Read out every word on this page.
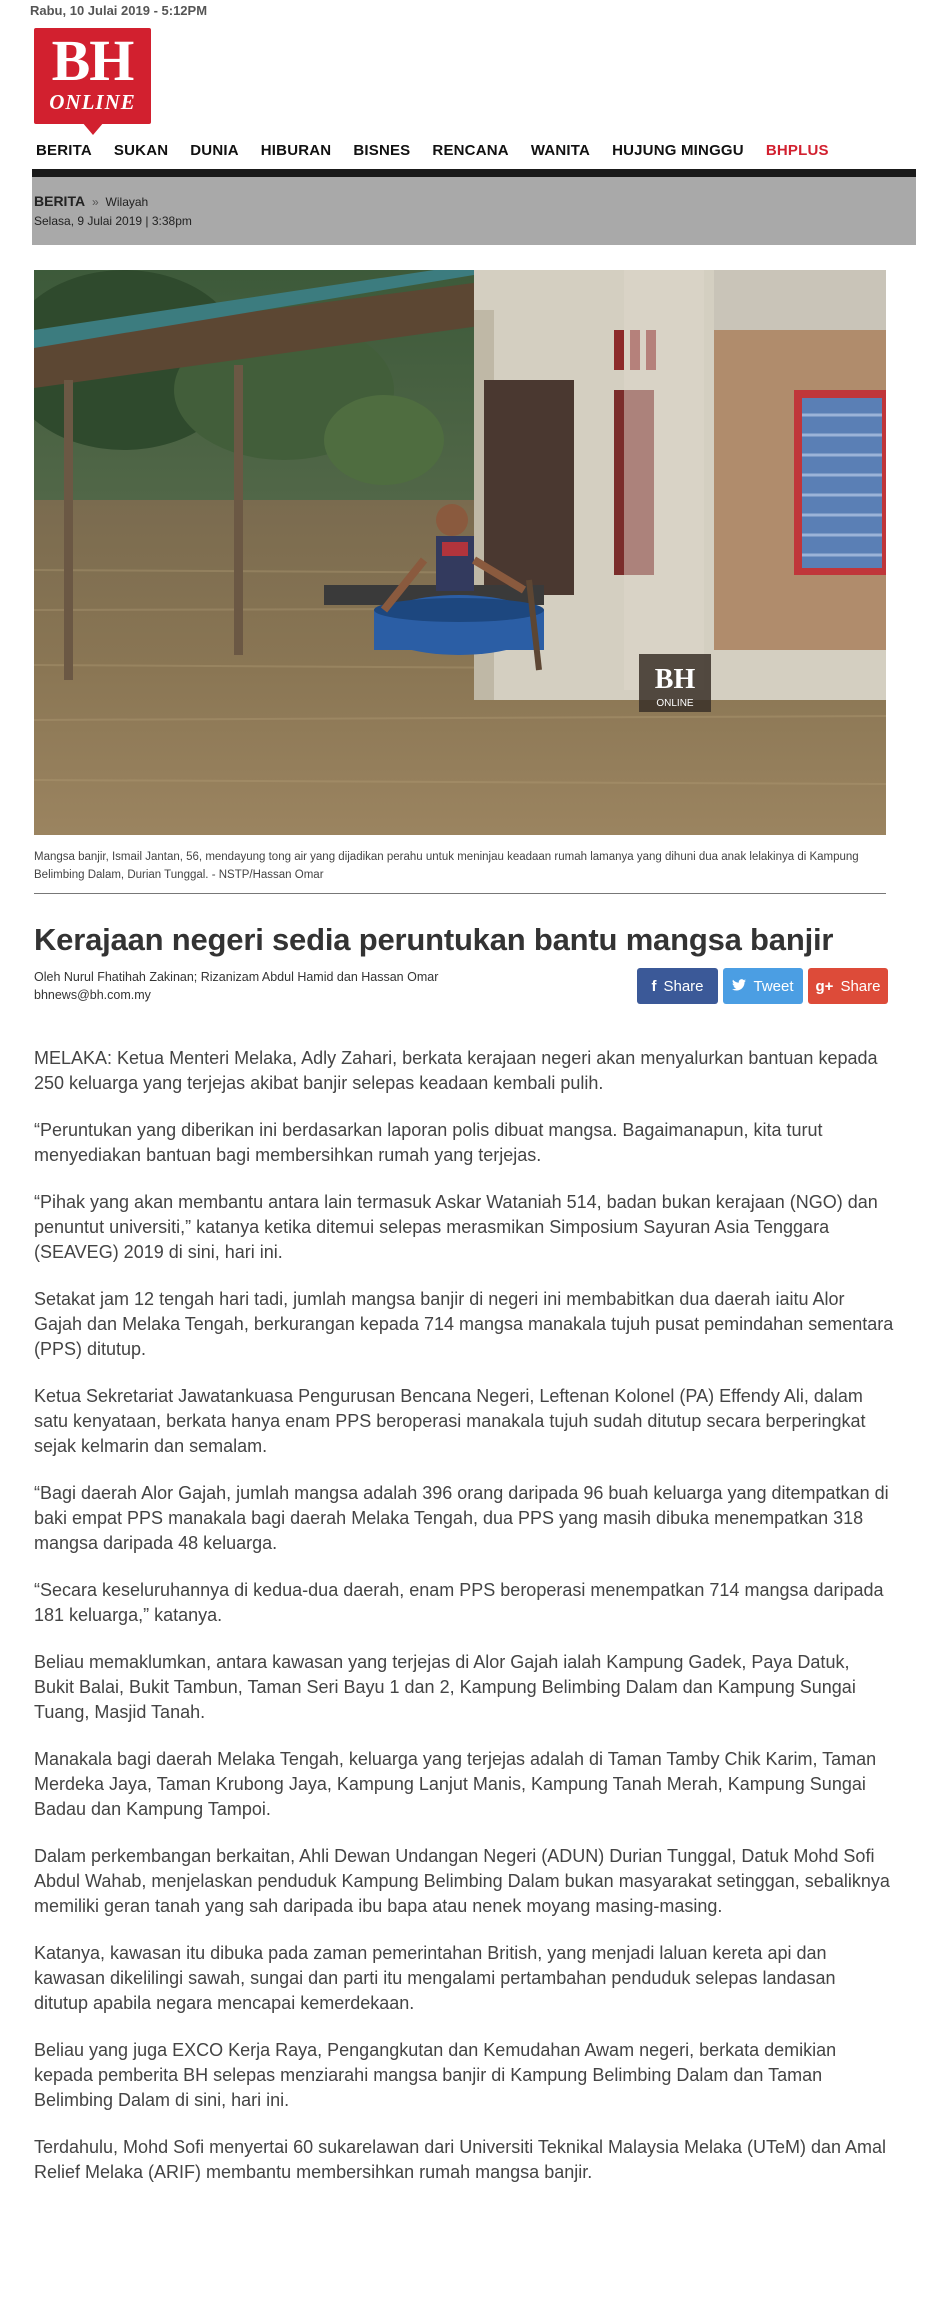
Rabu, 10 Julai 2019 - 5:12PM
BH
ONLINE
BERITA SUKAN DUNIA HIBURAN BISNES RENCANA WANITA HUJUNG MINGGU BHPLUS
BERITA » Wilayah
Selasa, 9 Julai 2019 | 3:38pm
BH
ONLINE
Mangsa banjir, Ismail Jantan, 56, mendayung tong air yang dijadikan perahu untuk meninjau keadaan rumah lamanya yang dihuni dua anak lelakinya di Kampung Belimbing Dalam, Durian Tunggal. - NSTP/Hassan Omar
Kerajaan negeri sedia peruntukan bantu mangsa banjir
Oleh Nurul Fhatihah Zakinan; Rizanizam Abdul Hamid dan Hassan Omar
bhnews@bh.com.my
f Share	Tweet g+ Share

MELAKA: Ketua Menteri Melaka, Adly Zahari, berkata kerajaan negeri akan menyalurkan bantuan kepada 250 keluarga yang terjejas akibat banjir selepas keadaan kembali pulih.

“Peruntukan yang diberikan ini berdasarkan laporan polis dibuat mangsa. Bagaimanapun, kita turut menyediakan bantuan bagi membersihkan rumah yang terjejas.

“Pihak yang akan membantu antara lain termasuk Askar Wataniah 514, badan bukan kerajaan (NGO) dan penuntut universiti,” katanya ketika ditemui selepas merasmikan Simposium Sayuran Asia Tenggara (SEAVEG) 2019 di sini, hari ini.

Setakat jam 12 tengah hari tadi, jumlah mangsa banjir di negeri ini membabitkan dua daerah iaitu Alor Gajah dan Melaka Tengah, berkurangan kepada 714 mangsa manakala tujuh pusat pemindahan sementara (PPS) ditutup.

Ketua Sekretariat Jawatankuasa Pengurusan Bencana Negeri, Leftenan Kolonel (PA) Effendy Ali, dalam satu kenyataan, berkata hanya enam PPS beroperasi manakala tujuh sudah ditutup secara berperingkat sejak kelmarin dan semalam.

“Bagi daerah Alor Gajah, jumlah mangsa adalah 396 orang daripada 96 buah keluarga yang ditempatkan di baki empat PPS manakala bagi daerah Melaka Tengah, dua PPS yang masih dibuka menempatkan 318 mangsa daripada 48 keluarga.

“Secara keseluruhannya di kedua-dua daerah, enam PPS beroperasi menempatkan 714 mangsa daripada 181 keluarga,” katanya.

Beliau memaklumkan, antara kawasan yang terjejas di Alor Gajah ialah Kampung Gadek, Paya Datuk, Bukit Balai, Bukit Tambun, Taman Seri Bayu 1 dan 2, Kampung Belimbing Dalam dan Kampung Sungai Tuang, Masjid Tanah.

Manakala bagi daerah Melaka Tengah, keluarga yang terjejas adalah di Taman Tamby Chik Karim, Taman Merdeka Jaya, Taman Krubong Jaya, Kampung Lanjut Manis, Kampung Tanah Merah, Kampung Sungai Badau dan Kampung Tampoi.

Dalam perkembangan berkaitan, Ahli Dewan Undangan Negeri (ADUN) Durian Tunggal, Datuk Mohd Sofi Abdul Wahab, menjelaskan penduduk Kampung Belimbing Dalam bukan masyarakat setinggan, sebaliknya memiliki geran tanah yang sah daripada ibu bapa atau nenek moyang masing-masing.

Katanya, kawasan itu dibuka pada zaman pemerintahan British, yang menjadi laluan kereta api dan kawasan dikelilingi sawah, sungai dan parti itu mengalami pertambahan penduduk selepas landasan ditutup apabila negara mencapai kemerdekaan.

Beliau yang juga EXCO Kerja Raya, Pengangkutan dan Kemudahan Awam negeri, berkata demikian kepada pemberita BH selepas menziarahi mangsa banjir di Kampung Belimbing Dalam dan Taman Belimbing Dalam di sini, hari ini.

Terdahulu, Mohd Sofi menyertai 60 sukarelawan dari Universiti Teknikal Malaysia Melaka (UTeM) dan Amal Relief Melaka (ARIF) membantu membersihkan rumah mangsa banjir.
